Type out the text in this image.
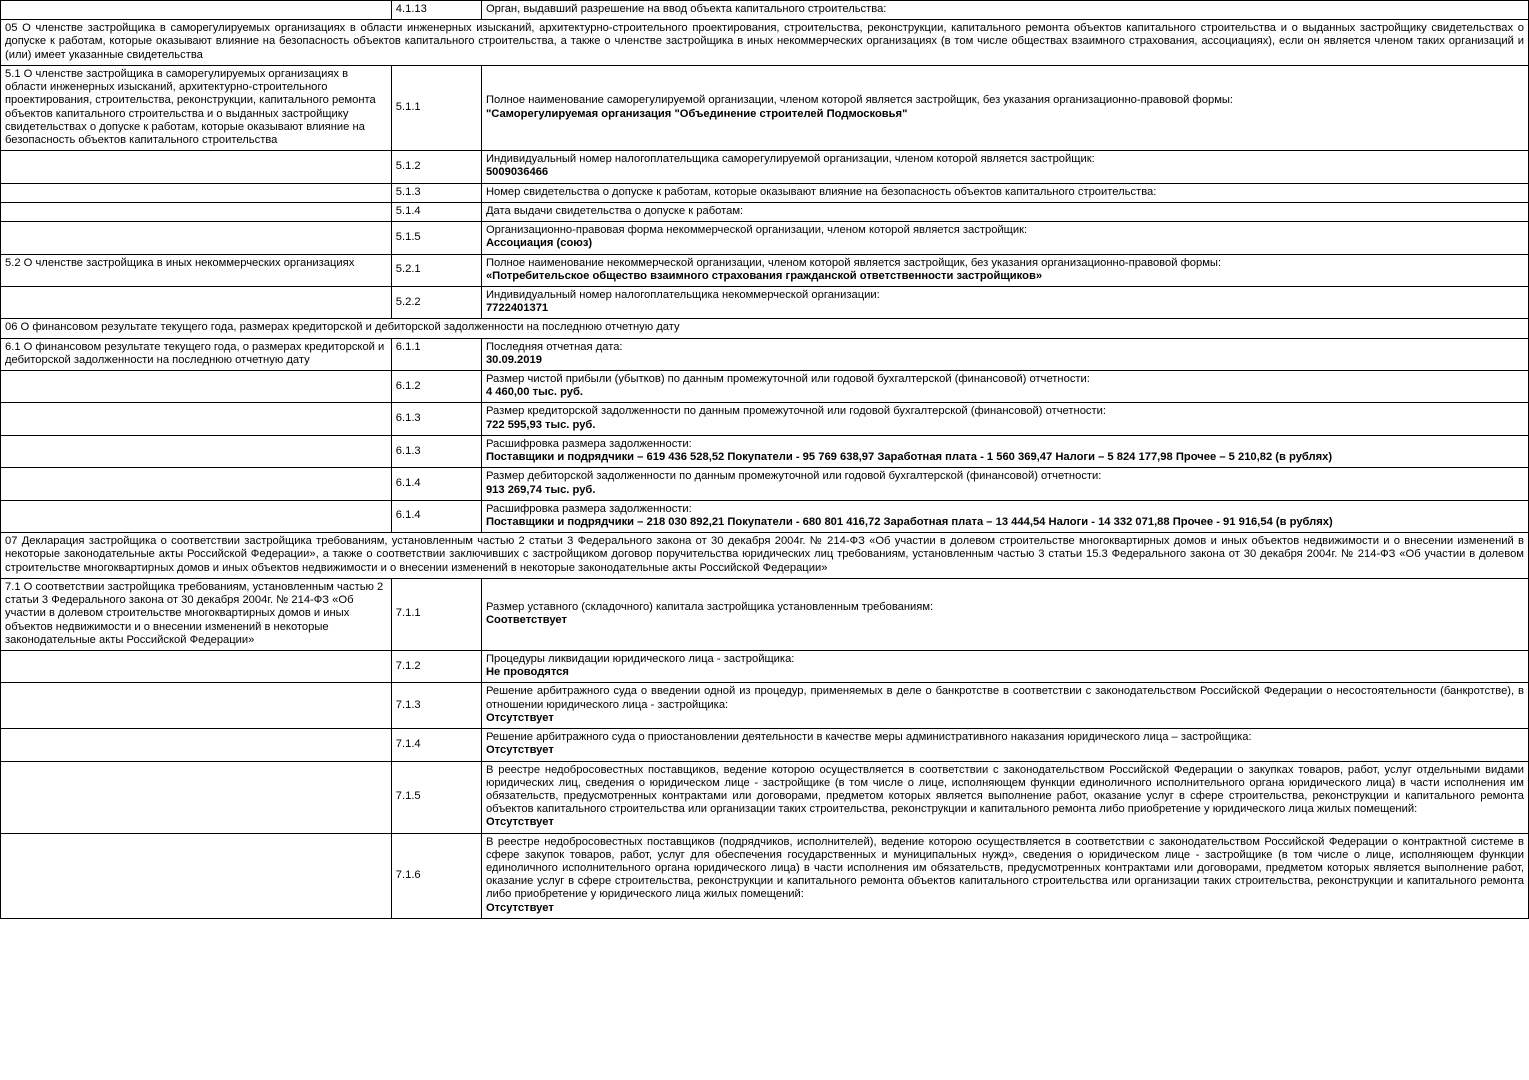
	4.1.13	Орган, выдавший разрешение на ввод объекта капитального строительства:
05 О членстве застройщика в саморегулируемых организациях в области инженерных изысканий, архитектурно-строительного проектирования, строительства, реконструкции, капитального ремонта объектов капитального строительства и о выданных застройщику свидетельствах о допуске к работам, которые оказывают влияние на безопасность объектов капитального строительства, а также о членстве застройщика в иных некоммерческих организациях (в том числе обществах взаимного страхования, ассоциациях), если он является членом таких организаций и (или) имеет указанные свидетельства		
5.1 О членстве застройщика в саморегулируемых организациях в области инженерных изысканий, архитектурно-строительного проектирования, строительства, реконструкции, капитального ремонта объектов капитального строительства и о выданных застройщику свидетельствах о допуске к работам, которые оказывают влияние на безопасность объектов капитального строительства	5.1.1	Полное наименование саморегулируемой организации, членом которой является застройщик, без указания организационно-правовой формы:
"Саморегулируемая организация "Объединение строителей Подмосковья"

	5.1.2	Индивидуальный номер налогоплательщика саморегулируемой организации, членом которой является застройщик:
5009036466

	5.1.3	Номер свидетельства о допуске к работам, которые оказывают влияние на безопасность объектов капитального строительства:

	5.1.4	Дата выдачи свидетельства о допуске к работам:

	5.1.5	Организационно-правовая форма некоммерческой организации, членом которой является застройщик:
Ассоциация (союз)

5.2 О членстве застройщика в иных некоммерческих организациях	5.2.1	Полное наименование некоммерческой организации, членом которой является застройщик, без указания организационно-правовой формы:
«Потребительское общество взаимного страхования гражданской ответственности застройщиков»

	5.2.2	Индивидуальный номер налогоплательщика некоммерческой организации:
7722401371

06 О финансовом результате текущего года, размерах кредиторской и дебиторской задолженности на последнюю отчетную дату		
6.1 О финансовом результате текущего года, о размерах кредиторской и дебиторской задолженности на последнюю отчетную дату	6.1.1	Последняя отчетная дата:
30.09.2019

	6.1.2	Размер чистой прибыли (убытков) по данным промежуточной или годовой бухгалтерской (финансовой) отчетности:
4 460,00 тыс. руб.

	6.1.3	Размер кредиторской задолженности по данным промежуточной или годовой бухгалтерской (финансовой) отчетности:
722 595,93 тыс. руб.

	6.1.3	Расшифровка размера задолженности:
Поставщики и подрядчики – 619 436 528,52 Покупатели - 95 769 638,97 Заработная плата - 1 560 369,47 Налоги – 5 824 177,98 Прочее – 5 210,82 (в рублях)

	6.1.4	Размер дебиторской задолженности по данным промежуточной или годовой бухгалтерской (финансовой) отчетности:
913 269,74 тыс. руб.

	6.1.4	Расшифровка размера задолженности:
Поставщики и подрядчики – 218 030 892,21 Покупатели - 680 801 416,72 Заработная плата – 13 444,54 Налоги - 14 332 071,88 Прочее - 91 916,54 (в рублях)

07 Декларация застройщика о соответствии застройщика требованиям, установленным частью 2 статьи 3 Федерального закона от 30 декабря 2004г. № 214-ФЗ «Об участии в долевом строительстве многоквартирных домов и иных объектов недвижимости и о внесении изменений в некоторые законодательные акты Российской Федерации», а также о соответствии заключивших с застройщиком договор поручительства юридических лиц требованиям, установленным частью 3 статьи 15.3 Федерального закона от 30 декабря 2004г. № 214-ФЗ «Об участии в долевом строительстве многоквартирных домов и иных объектов недвижимости и о внесении изменений в некоторые законодательные акты Российской Федерации»		
7.1 О соответствии застройщика требованиям, установленным частью 2 статьи 3 Федерального закона от 30 декабря 2004г. № 214-ФЗ «Об участии в долевом строительстве многоквартирных домов и иных объектов недвижимости и о внесении изменений в некоторые законодательные акты Российской Федерации»	7.1.1	Размер уставного (складочного) капитала застройщика установленным требованиям:
Соответствует

	7.1.2	Процедуры ликвидации юридического лица - застройщика:
Не проводятся

	7.1.3	Решение арбитражного суда о введении одной из процедур, применяемых в деле о банкротстве в соответствии с законодательством Российской Федерации о несостоятельности (банкротстве), в отношении юридического лица - застройщика:
Отсутствует

	7.1.4	Решение арбитражного суда о приостановлении деятельности в качестве меры административного наказания юридического лица – застройщика:
Отсутствует

	7.1.5	В реестре недобросовестных поставщиков, ведение которою осуществляется в соответствии с законодательством Российской Федерации о закупках товаров, работ, услуг отдельными видами юридических лиц, сведения о юридическом лице - застройщике (в том числе о лице, исполняющем функции единоличного исполнительного органа юридического лица) в части исполнения им обязательств, предусмотренных контрактами или договорами, предметом которых является выполнение работ, оказание услуг в сфере строительства, реконструкции и капитального ремонта объектов капитального строительства или организации таких строительства, реконструкции и капитального ремонта либо приобретение у юридического лица жилых помещений:
Отсутствует

	7.1.6	В реестре недобросовестных поставщиков (подрядчиков, исполнителей), ведение которою осуществляется в соответствии с законодательством Российской Федерации о контрактной системе в сфере закупок товаров, работ, услуг для обеспечения государственных и муниципальных нужд», сведения о юридическом лице - застройщике (в том числе о лице, исполняющем функции единоличного исполнительного органа юридического лица) в части исполнения им обязательств, предусмотренных контрактами или договорами, предметом которых является выполнение работ, оказание услуг в сфере строительства, реконструкции и капитального ремонта объектов капитального строительства или организации таких строительства, реконструкции и капитального ремонта либо приобретение у юридического лица жилых помещений:
Отсутствует
